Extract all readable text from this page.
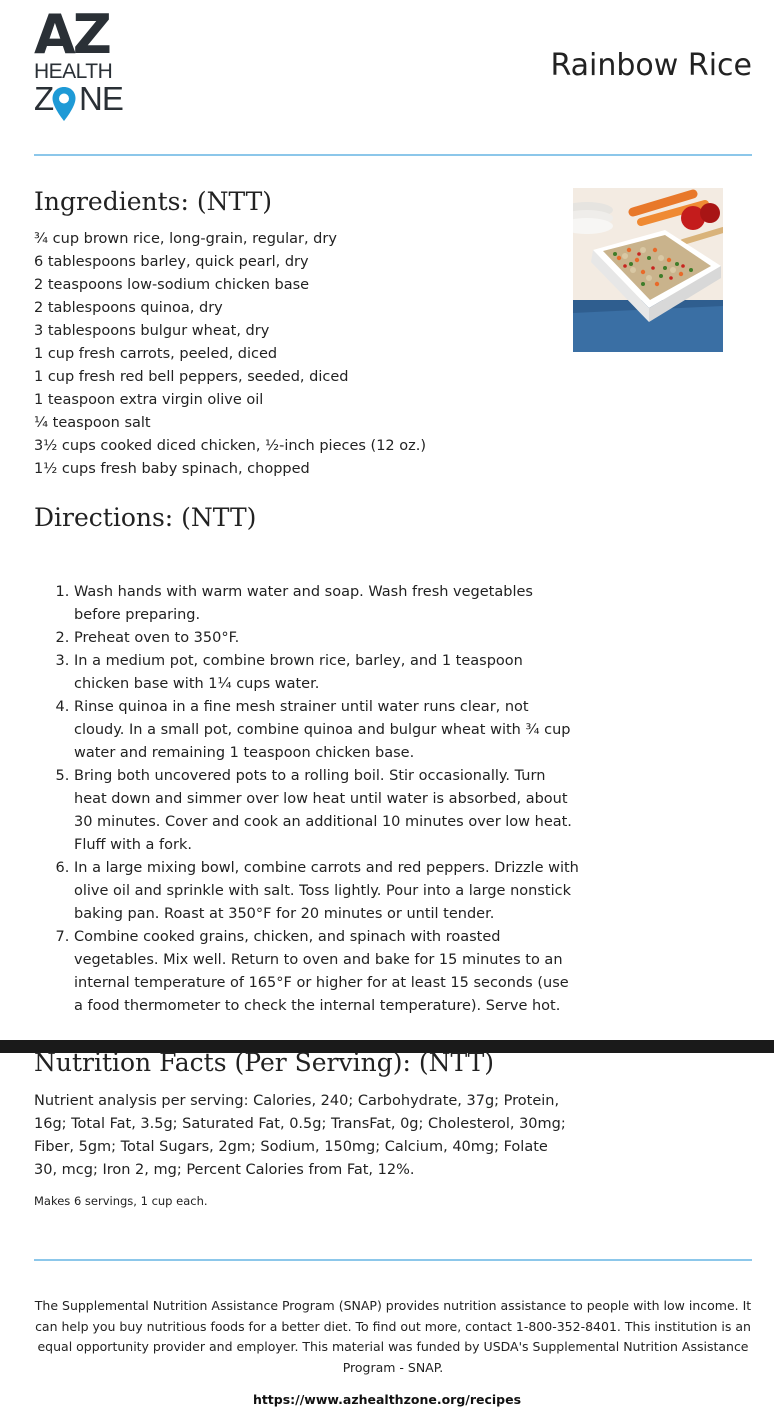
AZ
HEALTH
Z NE
Rainbow Rice
Ingredients: (NTT)
¾ cup brown rice, long-grain, regular, dry
6 tablespoons barley, quick pearl, dry
2 teaspoons low-sodium chicken base
2 tablespoons quinoa, dry
3 tablespoons bulgur wheat, dry
1 cup fresh carrots, peeled, diced
1 cup fresh red bell peppers, seeded, diced
1 teaspoon extra virgin olive oil
¼ teaspoon salt
3½ cups cooked diced chicken, ½-inch pieces (12 oz.)
1½ cups fresh baby spinach, chopped
Directions: (NTT)
1. Wash hands with warm water and soap. Wash fresh vegetables before preparing.
2. Preheat oven to 350°F.
3. In a medium pot, combine brown rice, barley, and 1 teaspoon chicken base with 1¼ cups water.
4. Rinse quinoa in a fine mesh strainer until water runs clear, not cloudy. In a small pot, combine quinoa and bulgur wheat with ¾ cup water and remaining 1 teaspoon chicken base.
5. Bring both uncovered pots to a rolling boil. Stir occasionally. Turn heat down and simmer over low heat until water is absorbed, about 30 minutes. Cover and cook an additional 10 minutes over low heat. Fluff with a fork.
6. In a large mixing bowl, combine carrots and red peppers. Drizzle with olive oil and sprinkle with salt. Toss lightly. Pour into a large nonstick baking pan. Roast at 350°F for 20 minutes or until tender.
7. Combine cooked grains, chicken, and spinach with roasted vegetables. Mix well. Return to oven and bake for 15 minutes to an internal temperature of 165°F or higher for at least 15 seconds (use a food thermometer to check the internal temperature). Serve hot.
Nutrition Facts (Per Serving): (NTT)

Nutrient analysis per serving: Calories, 240; Carbohydrate, 37g; Protein, 16g; Total Fat, 3.5g; Saturated Fat, 0.5g; TransFat, 0g; Cholesterol, 30mg; Fiber, 5gm; Total Sugars, 2gm; Sodium, 150mg; Calcium, 40mg; Folate 30, mcg; Iron 2, mg; Percent Calories from Fat, 12%.

Makes 6 servings, 1 cup each.

The Supplemental Nutrition Assistance Program (SNAP) provides nutrition assistance to people with low income. It can help you buy nutritious foods for a better diet. To find out more, contact 1-800-352-8401. This institution is an equal opportunity provider and employer. This material was funded by USDA's Supplemental Nutrition Assistance Program - SNAP.

https://www.azhealthzone.org/recipes
